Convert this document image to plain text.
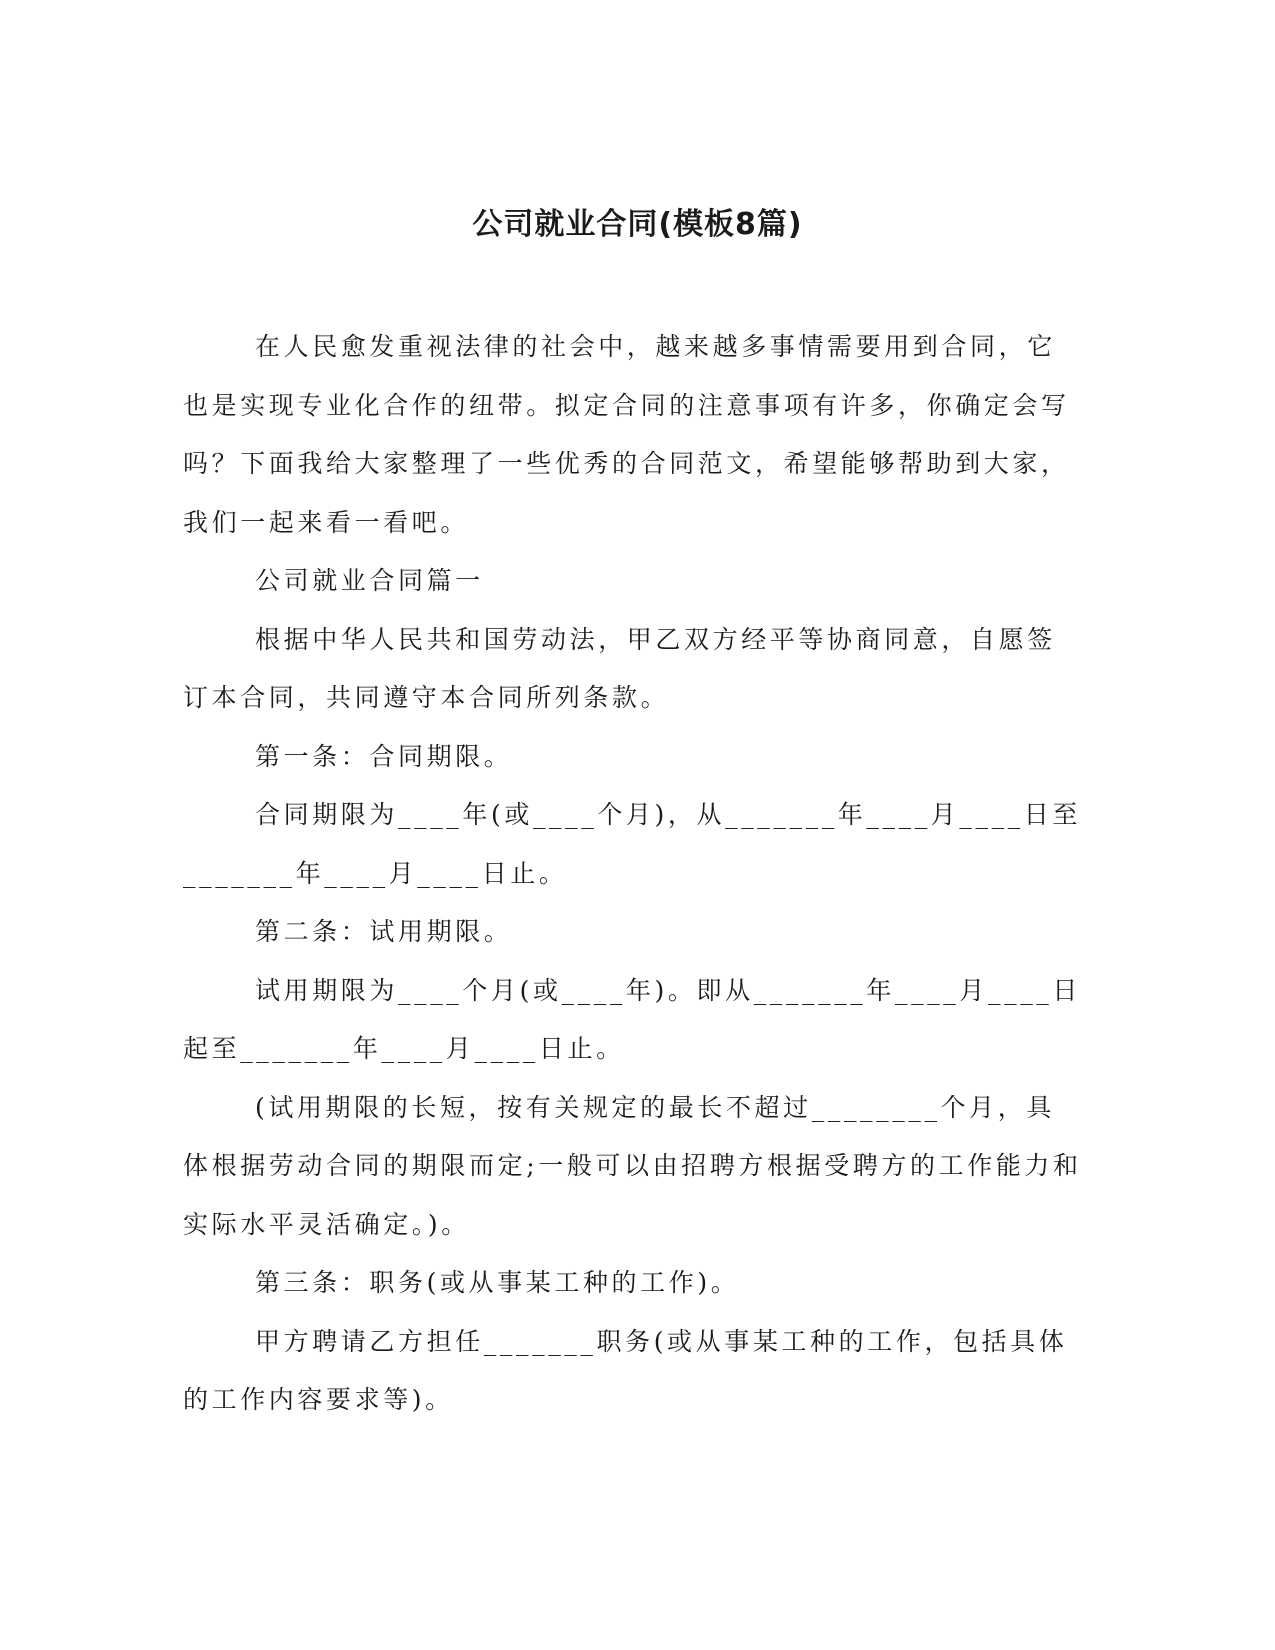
公司就业合同(模板8篇)

在人民愈发重视法律的社会中，越来越多事情需要用到合同，它也是实现专业化合作的纽带。拟定合同的注意事项有许多，你确定会写吗？下面我给大家整理了一些优秀的合同范文，希望能够帮助到大家，我们一起来看一看吧。

公司就业合同篇一

根据中华人民共和国劳动法，甲乙双方经平等协商同意，自愿签订本合同，共同遵守本合同所列条款。

第一条：合同期限。

合同期限为____年(或____个月)，从_______年____月____日至_______年____月____日止。

第二条：试用期限。

试用期限为____个月(或____年)。即从_______年____月____日起至_______年____月____日止。

(试用期限的长短，按有关规定的最长不超过________个月，具体根据劳动合同的期限而定;一般可以由招聘方根据受聘方的工作能力和实际水平灵活确定。)。

第三条：职务(或从事某工种的工作)。

甲方聘请乙方担任_______职务(或从事某工种的工作，包括具体的工作内容要求等)。
